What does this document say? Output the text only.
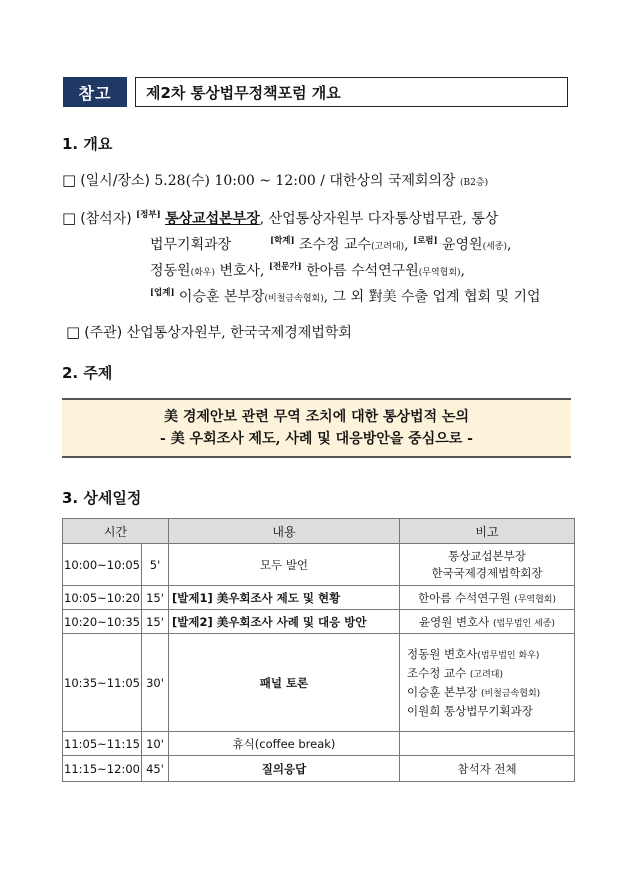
참고	제2차 통상법무정책포럼 개요
1. 개요
□ (일시/장소) 5.28(수) 10:00 ~ 12:00 / 대한상의 국제회의장 (B2층)
□ (참석자) [정부] 통상교섭본부장, 산업통상자원부 다자통상법무관, 통상
법무기획과장	[학계] 조수정 교수(고려대), [로펌] 윤영원(세종),
정동원(화우) 변호사, [전문가] 한아름 수석연구원(무역협회),
[업계] 이승훈 본부장(비철금속협회), 그 외 對美 수출 업계 협회 및 기업
□ (주관) 산업통상자원부, 한국국제경제법학회
2. 주제
美 경제안보 관련 무역 조치에 대한 통상법적 논의
- 美 우회조사 제도, 사례 및 대응방안을 중심으로 -
3. 상세일정
시간		내용	비고
10:00~10:05	5'	모두 발언	통상교섭본부장
한국국제경제법학회장

10:05~10:20	15'	[발제1] 美우회조사 제도 및 현황	한아름 수석연구원 (무역협회)
10:20~10:35	15'	[발제2] 美우회조사 사례 및 대응 방안	윤영원 변호사 (법무법인 세종)
10:35~11:05	30'	패널 토론	정동원 변호사(법무법인 화우)
조수정 교수 (고려대)
이승훈 본부장 (비철금속협회)
이원희 통상법무기획과장

11:05~11:15	10'	휴식(coffee break)	
11:15~12:00	45'	질의응답	참석자 전체
